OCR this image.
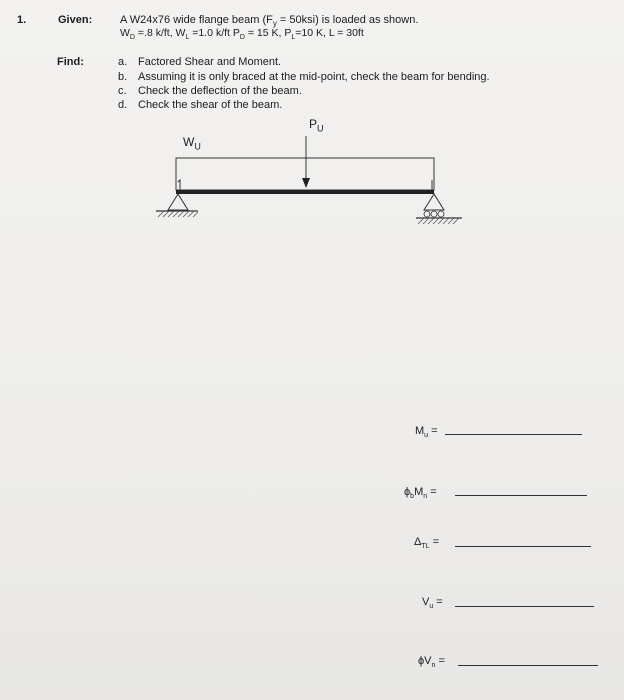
1.	Given:	A W24x76 wide flange beam $(F_y = 50ksi)$ is loaded as shown.
$W_D =.8$ k/ft, $W_L =1.0$ k/ft $P_D = 15$ K, $P_L=10$ K, L = 30ft
Find:	a. Factored Shear and Moment.
b. Assuming it is only braced at the mid-point, check the beam for bending.
c. Check the deflection of the beam.
d. Check the shear of the beam.
$W_U$
$P_U$
$M_u$ =
$\phi_bM_n$ =
$\Delta_{TL}$ =
$V_u$ =
$\phi V_n$ =
